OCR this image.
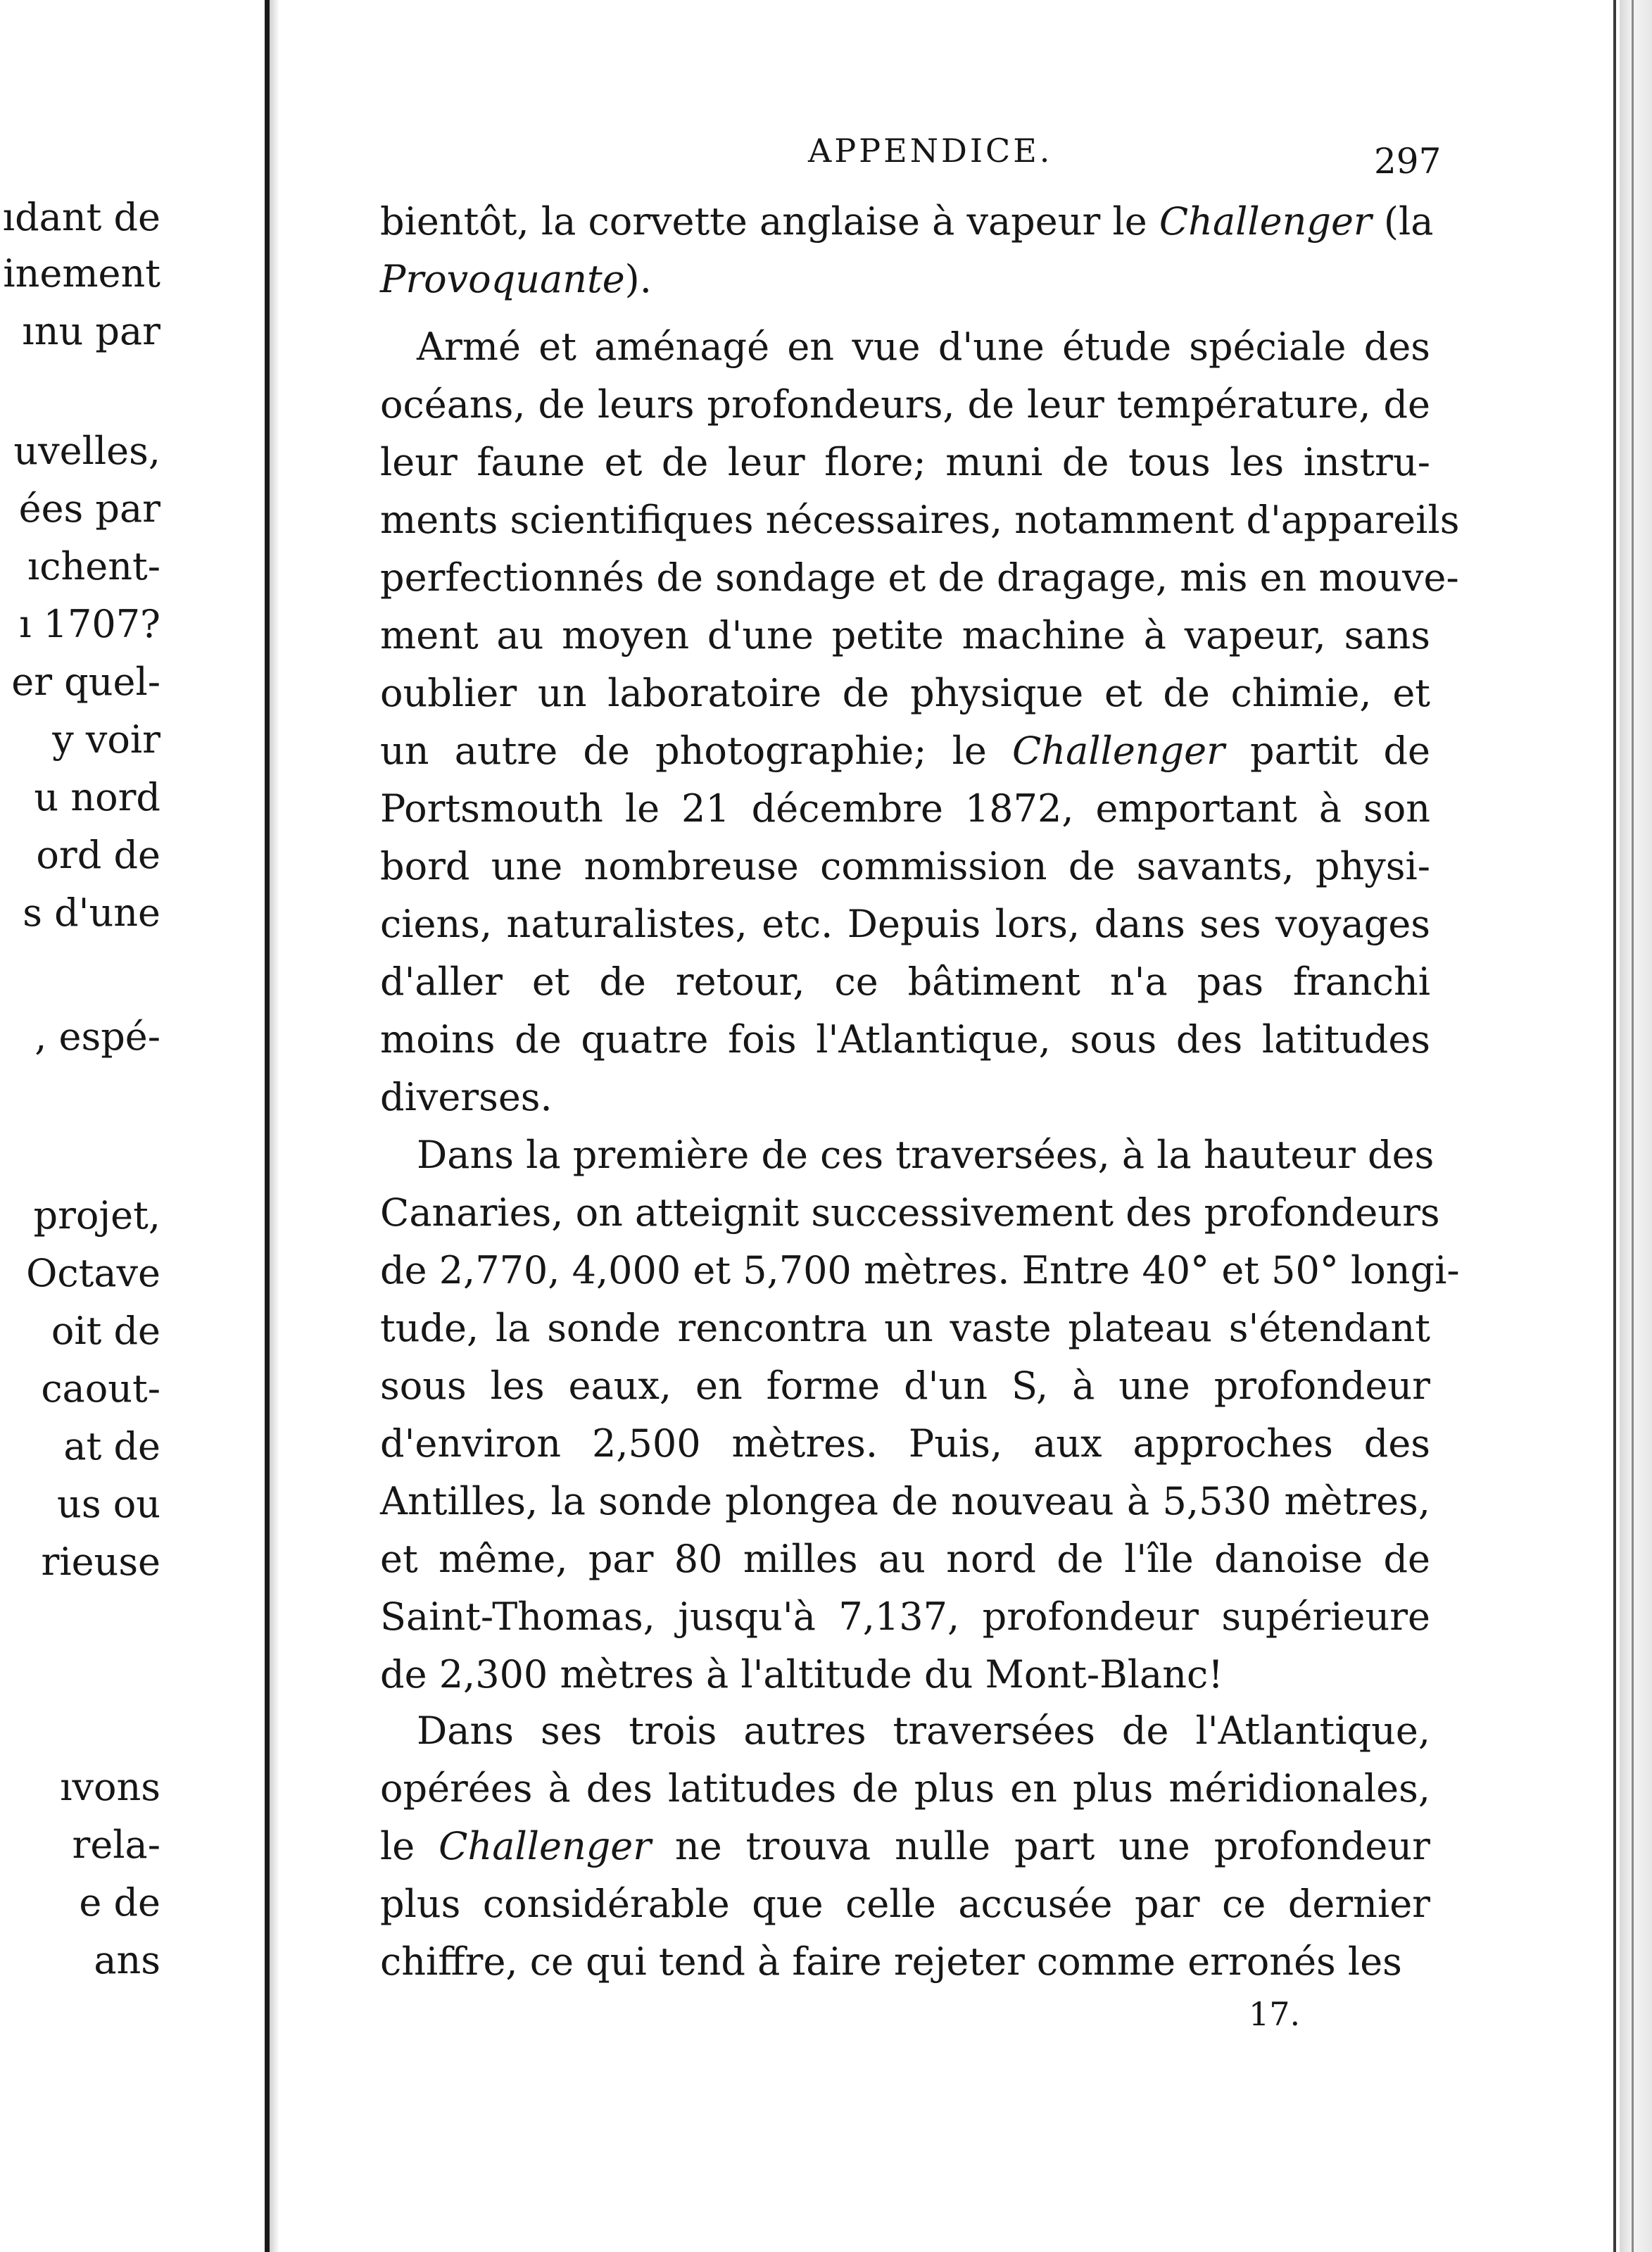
ıdant de
inement
ınu par
uvelles,
ées par
ıchent-
ı 1707?
er quel-
y voir
u nord
ord de
s d'une
, espé-
projet,
Octave
oit de
caout-
at de
us ou
rieuse
ıvons
rela-
e de
ans
APPENDICE.	297
bientôt, la corvette anglaise à vapeur le Challenger (la
Provoquante).
Armé et aménagé en vue d'une étude spéciale des
océans, de leurs profondeurs, de leur température, de
leur faune et de leur flore; muni de tous les instru-
ments scientifiques nécessaires, notamment d'appareils
perfectionnés de sondage et de dragage, mis en mouve-
ment au moyen d'une petite machine à vapeur, sans
oublier un laboratoire de physique et de chimie, et
un autre de photographie; le Challenger partit de
Portsmouth le 21 décembre 1872, emportant à son
bord une nombreuse commission de savants, physi-
ciens, naturalistes, etc. Depuis lors, dans ses voyages
d'aller et de retour, ce bâtiment n'a pas franchi
moins de quatre fois l'Atlantique, sous des latitudes
diverses.
Dans la première de ces traversées, à la hauteur des
Canaries, on atteignit successivement des profondeurs
de 2,770, 4,000 et 5,700 mètres. Entre 40° et 50° longi-
tude, la sonde rencontra un vaste plateau s'étendant
sous les eaux, en forme d'un S, à une profondeur
d'environ 2,500 mètres. Puis, aux approches des
Antilles, la sonde plongea de nouveau à 5,530 mètres,
et même, par 80 milles au nord de l'île danoise de
Saint-Thomas, jusqu'à 7,137, profondeur supérieure
de 2,300 mètres à l'altitude du Mont-Blanc!
Dans ses trois autres traversées de l'Atlantique,
opérées à des latitudes de plus en plus méridionales,
le Challenger ne trouva nulle part une profondeur
plus considérable que celle accusée par ce dernier
chiffre, ce qui tend à faire rejeter comme erronés les
17.
